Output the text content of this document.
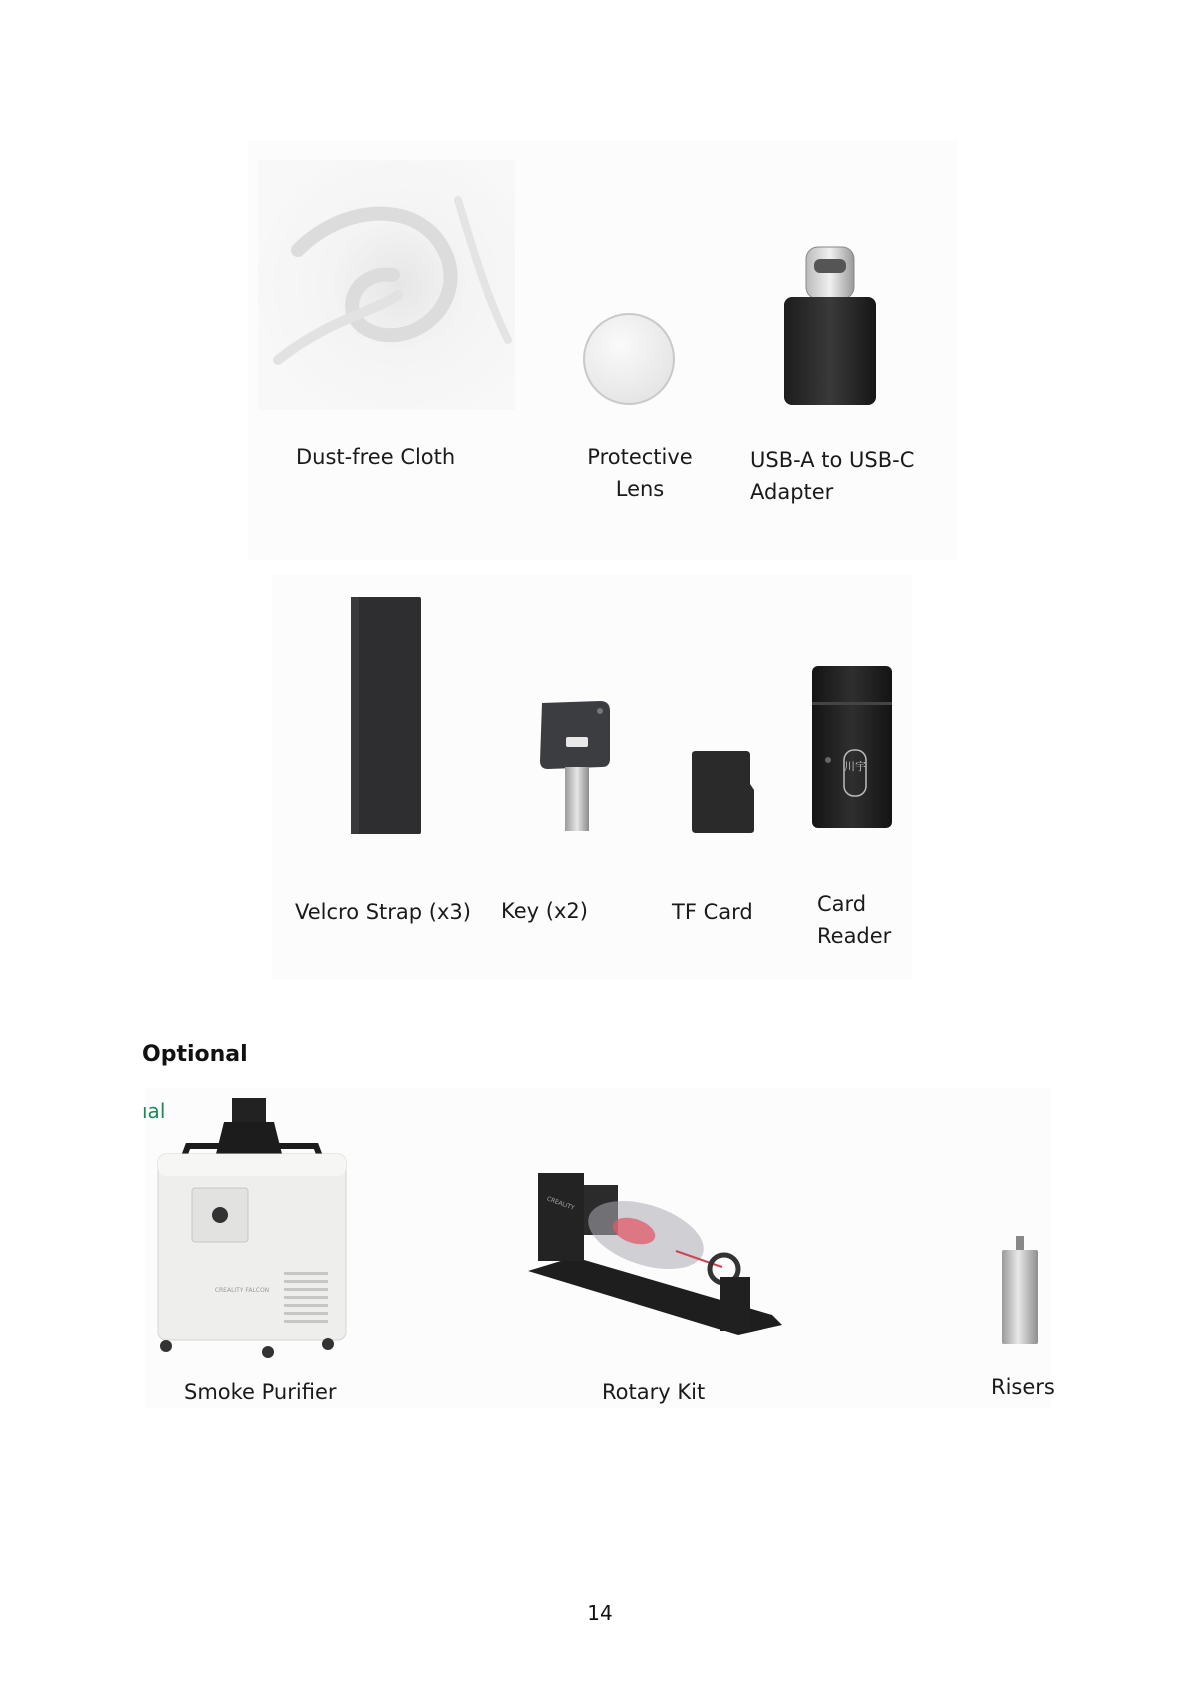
Dust-free Cloth	Protective
Lens
USB-A to USB-C
Adapter
川宇
Velcro Strap (x3) Key (x2)	TF Card	Card
Reader
Optional
ıal
CREALITY FALCON
CREALITY
Smoke Purifier	Rotary Kit	Risers
14
